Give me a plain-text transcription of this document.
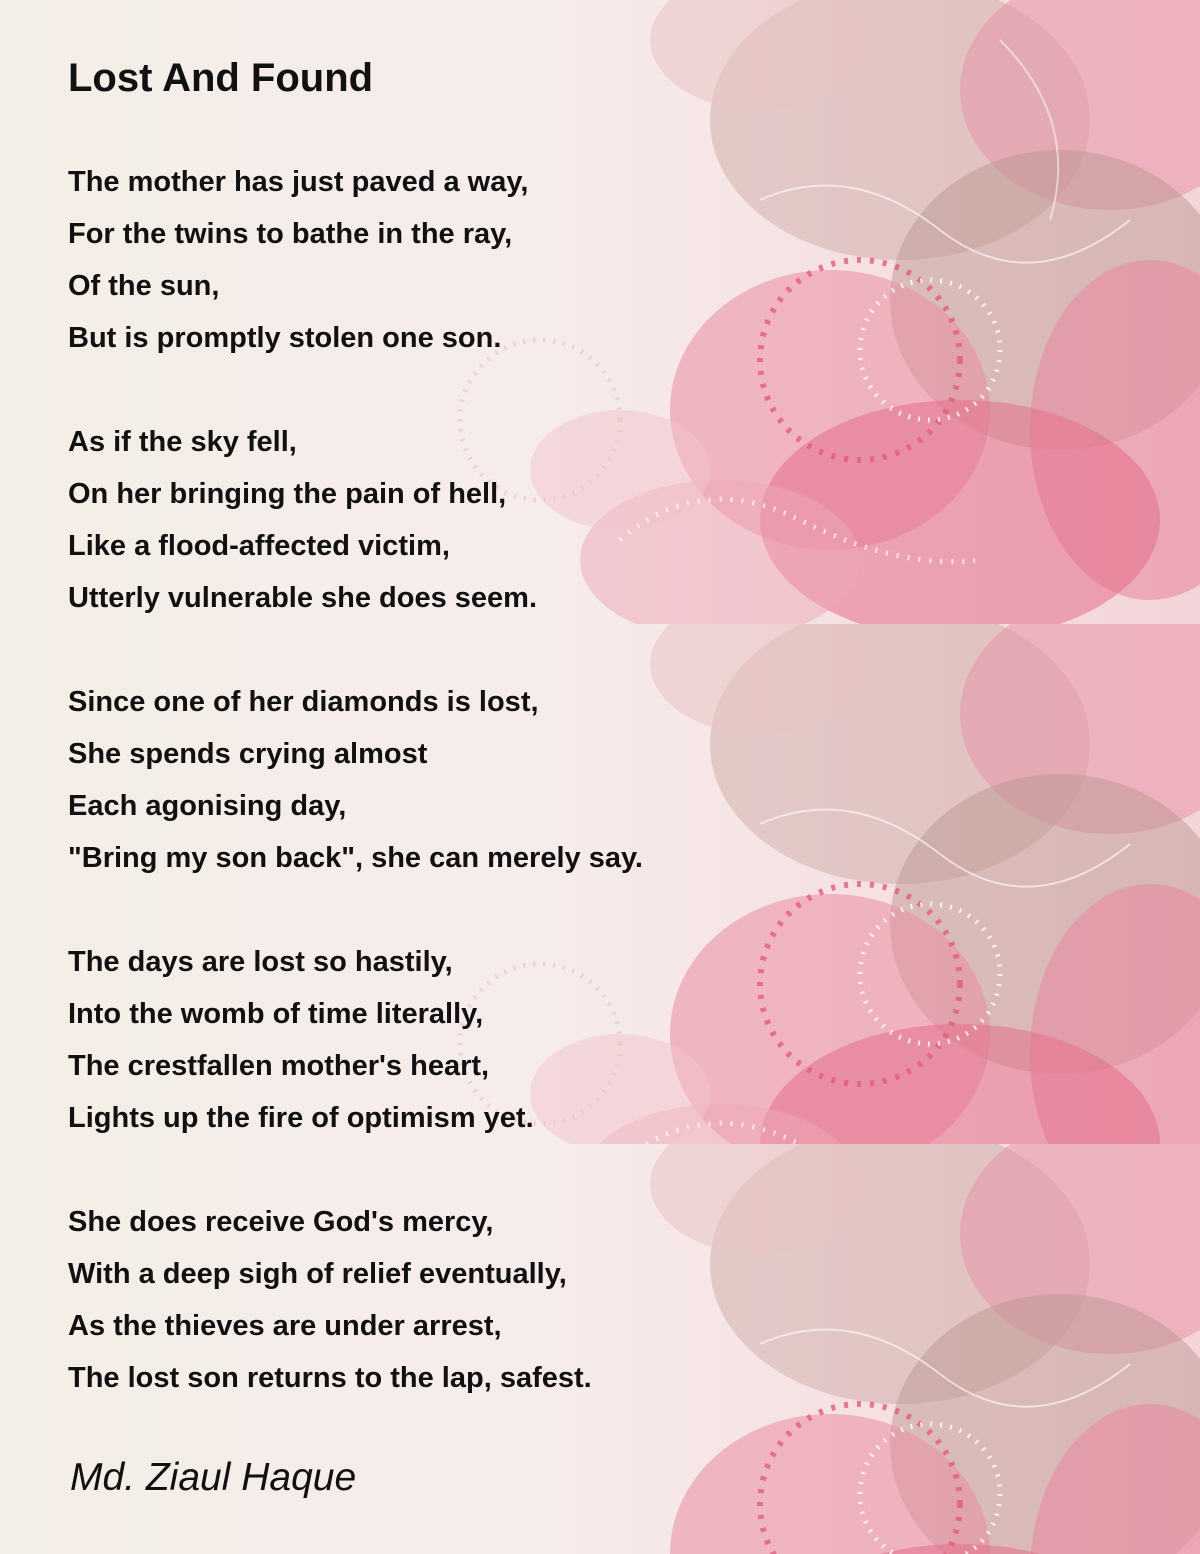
Lost And Found
The mother has just paved a way,
For the twins to bathe in the ray,
Of the sun,
But is promptly stolen one son.
As if the sky fell,
On her bringing the pain of hell,
Like a flood-affected victim,
Utterly vulnerable she does seem.
Since one of her diamonds is lost,
She spends crying almost
Each agonising day,
"Bring my son back", she can merely say.
The days are lost so hastily,
Into the womb of time literally,
The crestfallen mother's heart,
Lights up the fire of optimism yet.
She does receive God's mercy,
With a deep sigh of relief eventually,
As the thieves are under arrest,
The lost son returns to the lap, safest.
Md. Ziaul Haque
